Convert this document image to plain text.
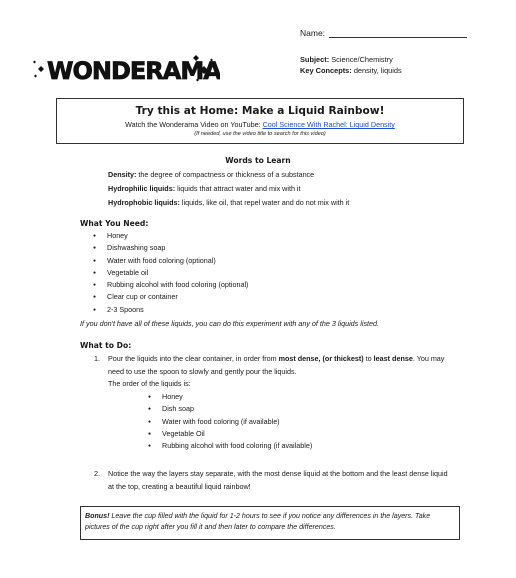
WONDERAMA
Name:
Subject: Science/Chemistry
Key Concepts: density, liquids
Try this at Home: Make a Liquid Rainbow!
Watch the Wonderama Video on YouTube: Cool Science With Rachel: Liquid Density
(If needed, use the video title to search for this video)
Words to Learn
Density: the degree of compactness or thickness of a substance
Hydrophilic liquids: liquids that attract water and mix with it
Hydrophobic liquids: liquids, like oil, that repel water and do not mix with it
What You Need:
● Honey
● Dishwashing soap
● Water with food coloring (optional)
● Vegetable oil
● Rubbing alcohol with food coloring (optional)
● Clear cup or container
● 2-3 Spoons
If you don't have all of these liquids, you can do this experiment with any of the 3 liquids listed.
What to Do:
1.	Pour the liquids into the clear container, in order from most dense, (or thickest) to least dense. You may need to use the spoon to slowly and gently pour the liquids.
The order of the liquids is:
● Honey
● Dish soap
● Water with food coloring (if available)
● Vegetable Oil
● Rubbing alcohol with food coloring (if available)
2.	Notice the way the layers stay separate, with the most dense liquid at the bottom and the least dense liquid at the top, creating a beautiful liquid rainbow!
Bonus! Leave the cup filled with the liquid for 1-2 hours to see if you notice any differences in the layers. Take pictures of the cup right after you fill it and then later to compare the differences.
